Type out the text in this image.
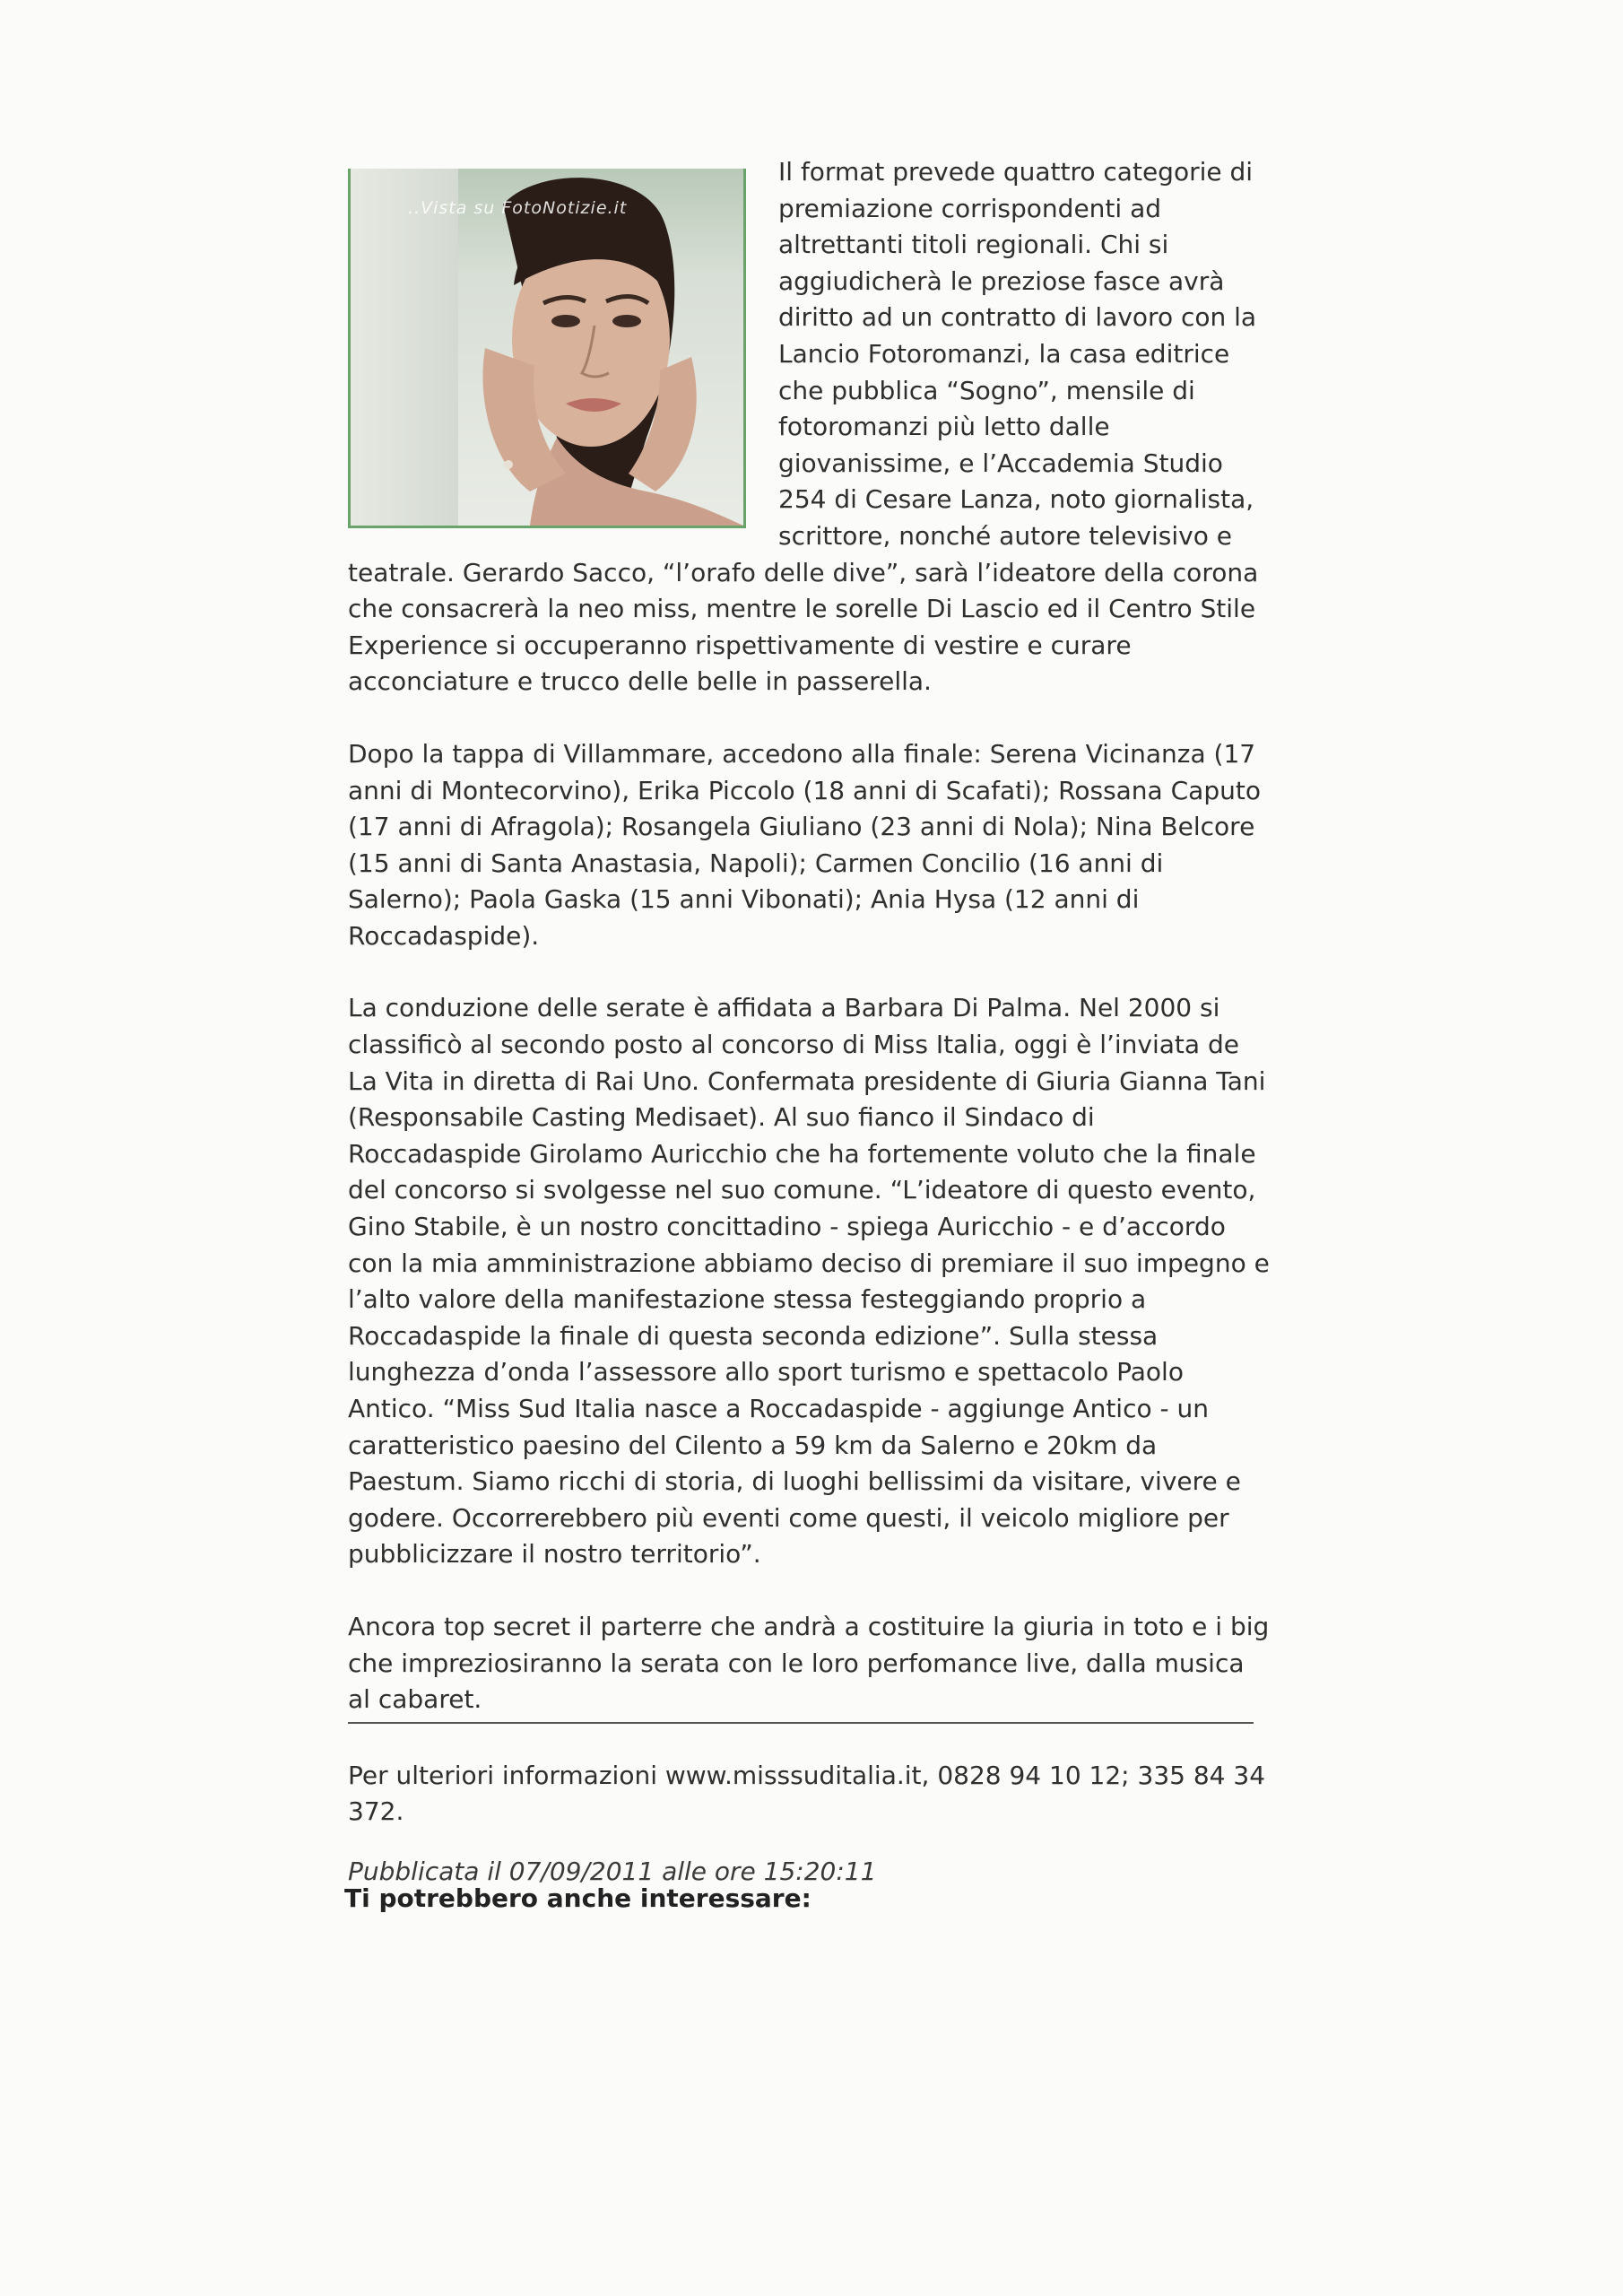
..Vista su FotoNotizie.it

Il format prevede quattro categorie di premiazione corrispondenti ad altrettanti titoli regionali. Chi si aggiudicherà le preziose fasce avrà diritto ad un contratto di lavoro con la Lancio Fotoromanzi, la casa editrice che pubblica “Sogno”, mensile di fotoromanzi più letto dalle giovanissime, e l’Accademia Studio 254 di Cesare Lanza, noto giornalista, scrittore, nonché autore televisivo e teatrale. Gerardo Sacco, “l’orafo delle dive”, sarà l’ideatore della corona che consacrerà la neo miss, mentre le sorelle Di Lascio ed il Centro Stile Experience si occuperanno rispettivamente di vestire e curare acconciature e trucco delle belle in passerella.

Dopo la tappa di Villammare, accedono alla finale: Serena Vicinanza (17 anni di Montecorvino), Erika Piccolo (18 anni di Scafati); Rossana Caputo (17 anni di Afragola); Rosangela Giuliano (23 anni di Nola); Nina Belcore (15 anni di Santa Anastasia, Napoli); Carmen Concilio (16 anni di Salerno); Paola Gaska (15 anni Vibonati); Ania Hysa (12 anni di Roccadaspide).

La conduzione delle serate è affidata a Barbara Di Palma. Nel 2000 si classificò al secondo posto al concorso di Miss Italia, oggi è l’inviata de La Vita in diretta di Rai Uno. Confermata presidente di Giuria Gianna Tani (Responsabile Casting Medisaet). Al suo fianco il Sindaco di Roccadaspide Girolamo Auricchio che ha fortemente voluto che la finale del concorso si svolgesse nel suo comune. “L’ideatore di questo evento, Gino Stabile, è un nostro concittadino - spiega Auricchio - e d’accordo con la mia amministrazione abbiamo deciso di premiare il suo impegno e l’alto valore della manifestazione stessa festeggiando proprio a Roccadaspide la finale di questa seconda edizione”. Sulla stessa lunghezza d’onda l’assessore allo sport turismo e spettacolo Paolo Antico. “Miss Sud Italia nasce a Roccadaspide - aggiunge Antico - un caratteristico paesino del Cilento a 59 km da Salerno e 20km da Paestum. Siamo ricchi di storia, di luoghi bellissimi da visitare, vivere e godere. Occorrerebbero più eventi come questi, il veicolo migliore per pubblicizzare il nostro territorio”.

Ancora top secret il parterre che andrà a costituire la giuria in toto e i big che impreziosiranno la serata con le loro perfomance live, dalla musica al cabaret.

Per ulteriori informazioni www.misssuditalia.it, 0828 94 10 12; 335 84 34 372.

Pubblicata il 07/09/2011 alle ore 15:20:11
Ti potrebbero anche interessare:
